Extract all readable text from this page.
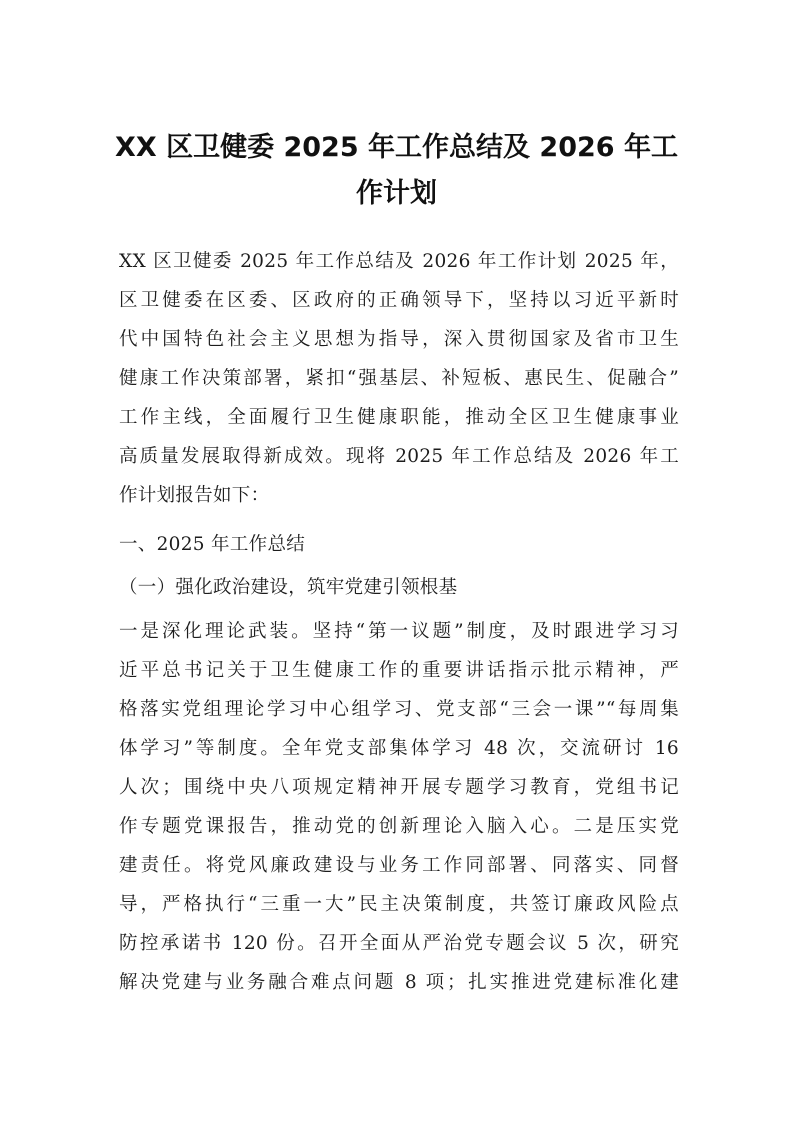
XX 区卫健委 2025 年工作总结及 2026 年工
作计划
XX 区卫健委 2025 年工作总结及 2026 年工作计划 2025 年，
区卫健委在区委、区政府的正确领导下，坚持以习近平新时
代中国特色社会主义思想为指导，深入贯彻国家及省市卫生
健康工作决策部署，紧扣“强基层、补短板、惠民生、促融合”
工作主线，全面履行卫生健康职能，推动全区卫生健康事业
高质量发展取得新成效。现将 2025 年工作总结及 2026 年工
作计划报告如下：
一、2025 年工作总结
（一）强化政治建设，筑牢党建引领根基
一是深化理论武装。坚持“第一议题”制度，及时跟进学习习
近平总书记关于卫生健康工作的重要讲话指示批示精神，严
格落实党组理论学习中心组学习、党支部“三会一课”“每周集
体学习”等制度。全年党支部集体学习 48 次，交流研讨 16
人次；围绕中央八项规定精神开展专题学习教育，党组书记
作专题党课报告，推动党的创新理论入脑入心。二是压实党
建责任。将党风廉政建设与业务工作同部署、同落实、同督
导，严格执行“三重一大”民主决策制度，共签订廉政风险点
防控承诺书 120 份。召开全面从严治党专题会议 5 次，研究
解决党建与业务融合难点问题 8 项；扎实推进党建标准化建
